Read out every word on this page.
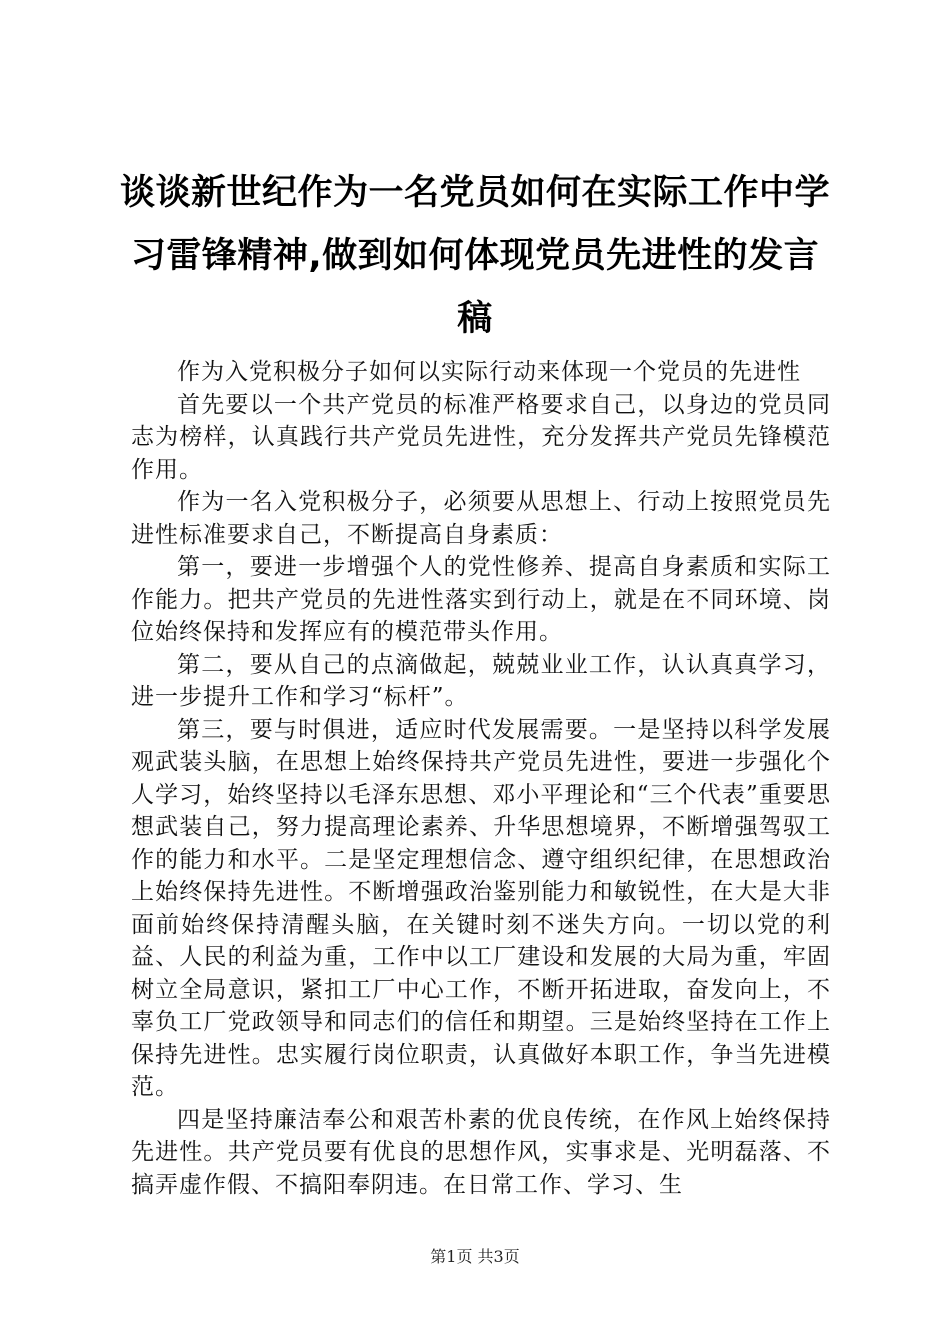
谈谈新世纪作为一名党员如何在实际工作中学习雷锋精神,做到如何体现党员先进性的发言稿

作为入党积极分子如何以实际行动来体现一个党员的先进性

首先要以一个共产党员的标准严格要求自己，以身边的党员同志为榜样，认真践行共产党员先进性，充分发挥共产党员先锋模范作用。

作为一名入党积极分子，必须要从思想上、行动上按照党员先进性标准要求自己，不断提高自身素质：

第一，要进一步增强个人的党性修养、提高自身素质和实际工作能力。把共产党员的先进性落实到行动上，就是在不同环境、岗位始终保持和发挥应有的模范带头作用。

第二，要从自己的点滴做起，兢兢业业工作，认认真真学习，进一步提升工作和学习“标杆”。

第三，要与时俱进，适应时代发展需要。一是坚持以科学发展观武装头脑，在思想上始终保持共产党员先进性，要进一步强化个人学习，始终坚持以毛泽东思想、邓小平理论和“三个代表”重要思想武装自己，努力提高理论素养、升华思想境界，不断增强驾驭工作的能力和水平。二是坚定理想信念、遵守组织纪律，在思想政治上始终保持先进性。不断增强政治鉴别能力和敏锐性，在大是大非面前始终保持清醒头脑，在关键时刻不迷失方向。一切以党的利益、人民的利益为重，工作中以工厂建设和发展的大局为重，牢固树立全局意识，紧扣工厂中心工作，不断开拓进取，奋发向上，不辜负工厂党政领导和同志们的信任和期望。三是始终坚持在工作上保持先进性。忠实履行岗位职责，认真做好本职工作，争当先进模范。

四是坚持廉洁奉公和艰苦朴素的优良传统，在作风上始终保持先进性。共产党员要有优良的思想作风，实事求是、光明磊落、不搞弄虚作假、不搞阳奉阴违。在日常工作、学习、生

第1页 共3页
